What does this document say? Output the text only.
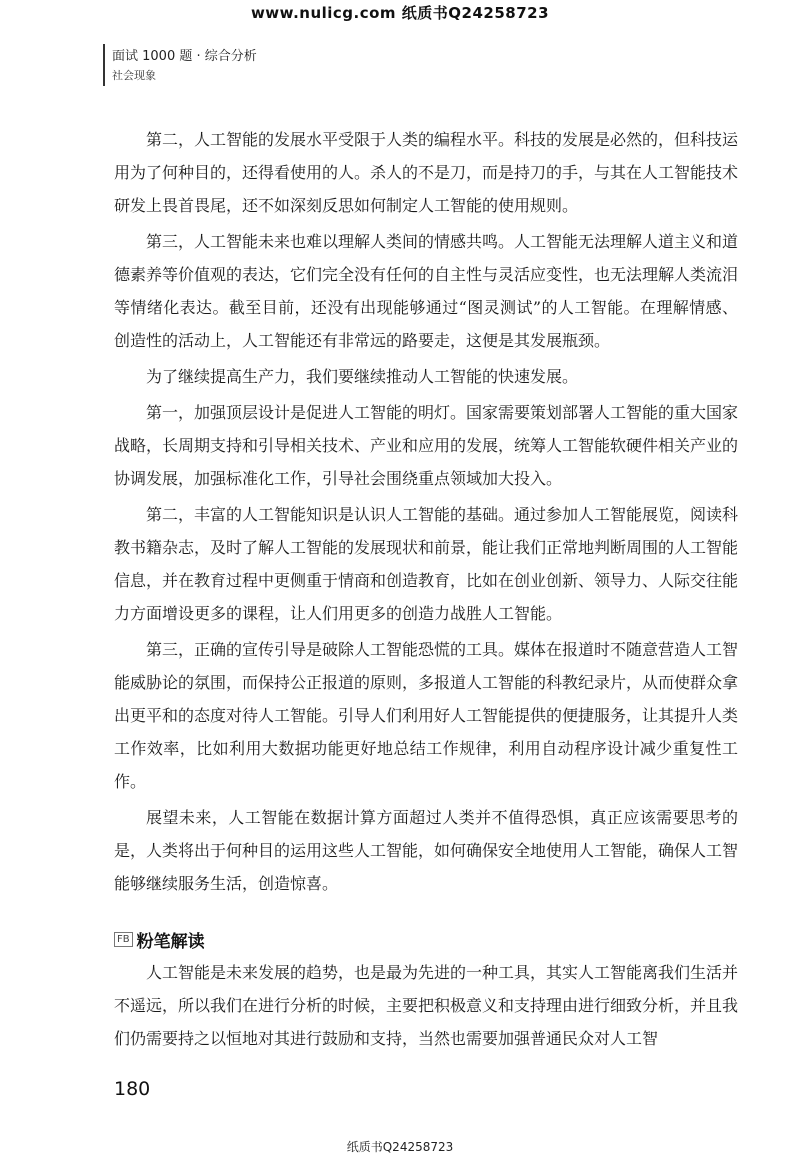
www.nulicg.com 纸质书Q24258723
面试 1000 题 · 综合分析
社会现象

第二，人工智能的发展水平受限于人类的编程水平。科技的发展是必然的，但科技运用为了何种目的，还得看使用的人。杀人的不是刀，而是持刀的手，与其在人工智能技术研发上畏首畏尾，还不如深刻反思如何制定人工智能的使用规则。

第三，人工智能未来也难以理解人类间的情感共鸣。人工智能无法理解人道主义和道德素养等价值观的表达，它们完全没有任何的自主性与灵活应变性，也无法理解人类流泪等情绪化表达。截至目前，还没有出现能够通过“图灵测试”的人工智能。在理解情感、创造性的活动上，人工智能还有非常远的路要走，这便是其发展瓶颈。

为了继续提高生产力，我们要继续推动人工智能的快速发展。

第一，加强顶层设计是促进人工智能的明灯。国家需要策划部署人工智能的重大国家战略，长周期支持和引导相关技术、产业和应用的发展，统筹人工智能软硬件相关产业的协调发展，加强标准化工作，引导社会围绕重点领域加大投入。

第二，丰富的人工智能知识是认识人工智能的基础。通过参加人工智能展览，阅读科教书籍杂志，及时了解人工智能的发展现状和前景，能让我们正常地判断周围的人工智能信息，并在教育过程中更侧重于情商和创造教育，比如在创业创新、领导力、人际交往能力方面增设更多的课程，让人们用更多的创造力战胜人工智能。

第三，正确的宣传引导是破除人工智能恐慌的工具。媒体在报道时不随意营造人工智能威胁论的氛围，而保持公正报道的原则，多报道人工智能的科教纪录片，从而使群众拿出更平和的态度对待人工智能。引导人们利用好人工智能提供的便捷服务，让其提升人类工作效率，比如利用大数据功能更好地总结工作规律，利用自动程序设计减少重复性工作。

展望未来，人工智能在数据计算方面超过人类并不值得恐惧，真正应该需要思考的是，人类将出于何种目的运用这些人工智能，如何确保安全地使用人工智能，确保人工智能够继续服务生活，创造惊喜。

FB 粉笔解读

人工智能是未来发展的趋势，也是最为先进的一种工具，其实人工智能离我们生活并不遥远，所以我们在进行分析的时候，主要把积极意义和支持理由进行细致分析，并且我们仍需要持之以恒地对其进行鼓励和支持，当然也需要加强普通民众对人工智

180
纸质书Q24258723
